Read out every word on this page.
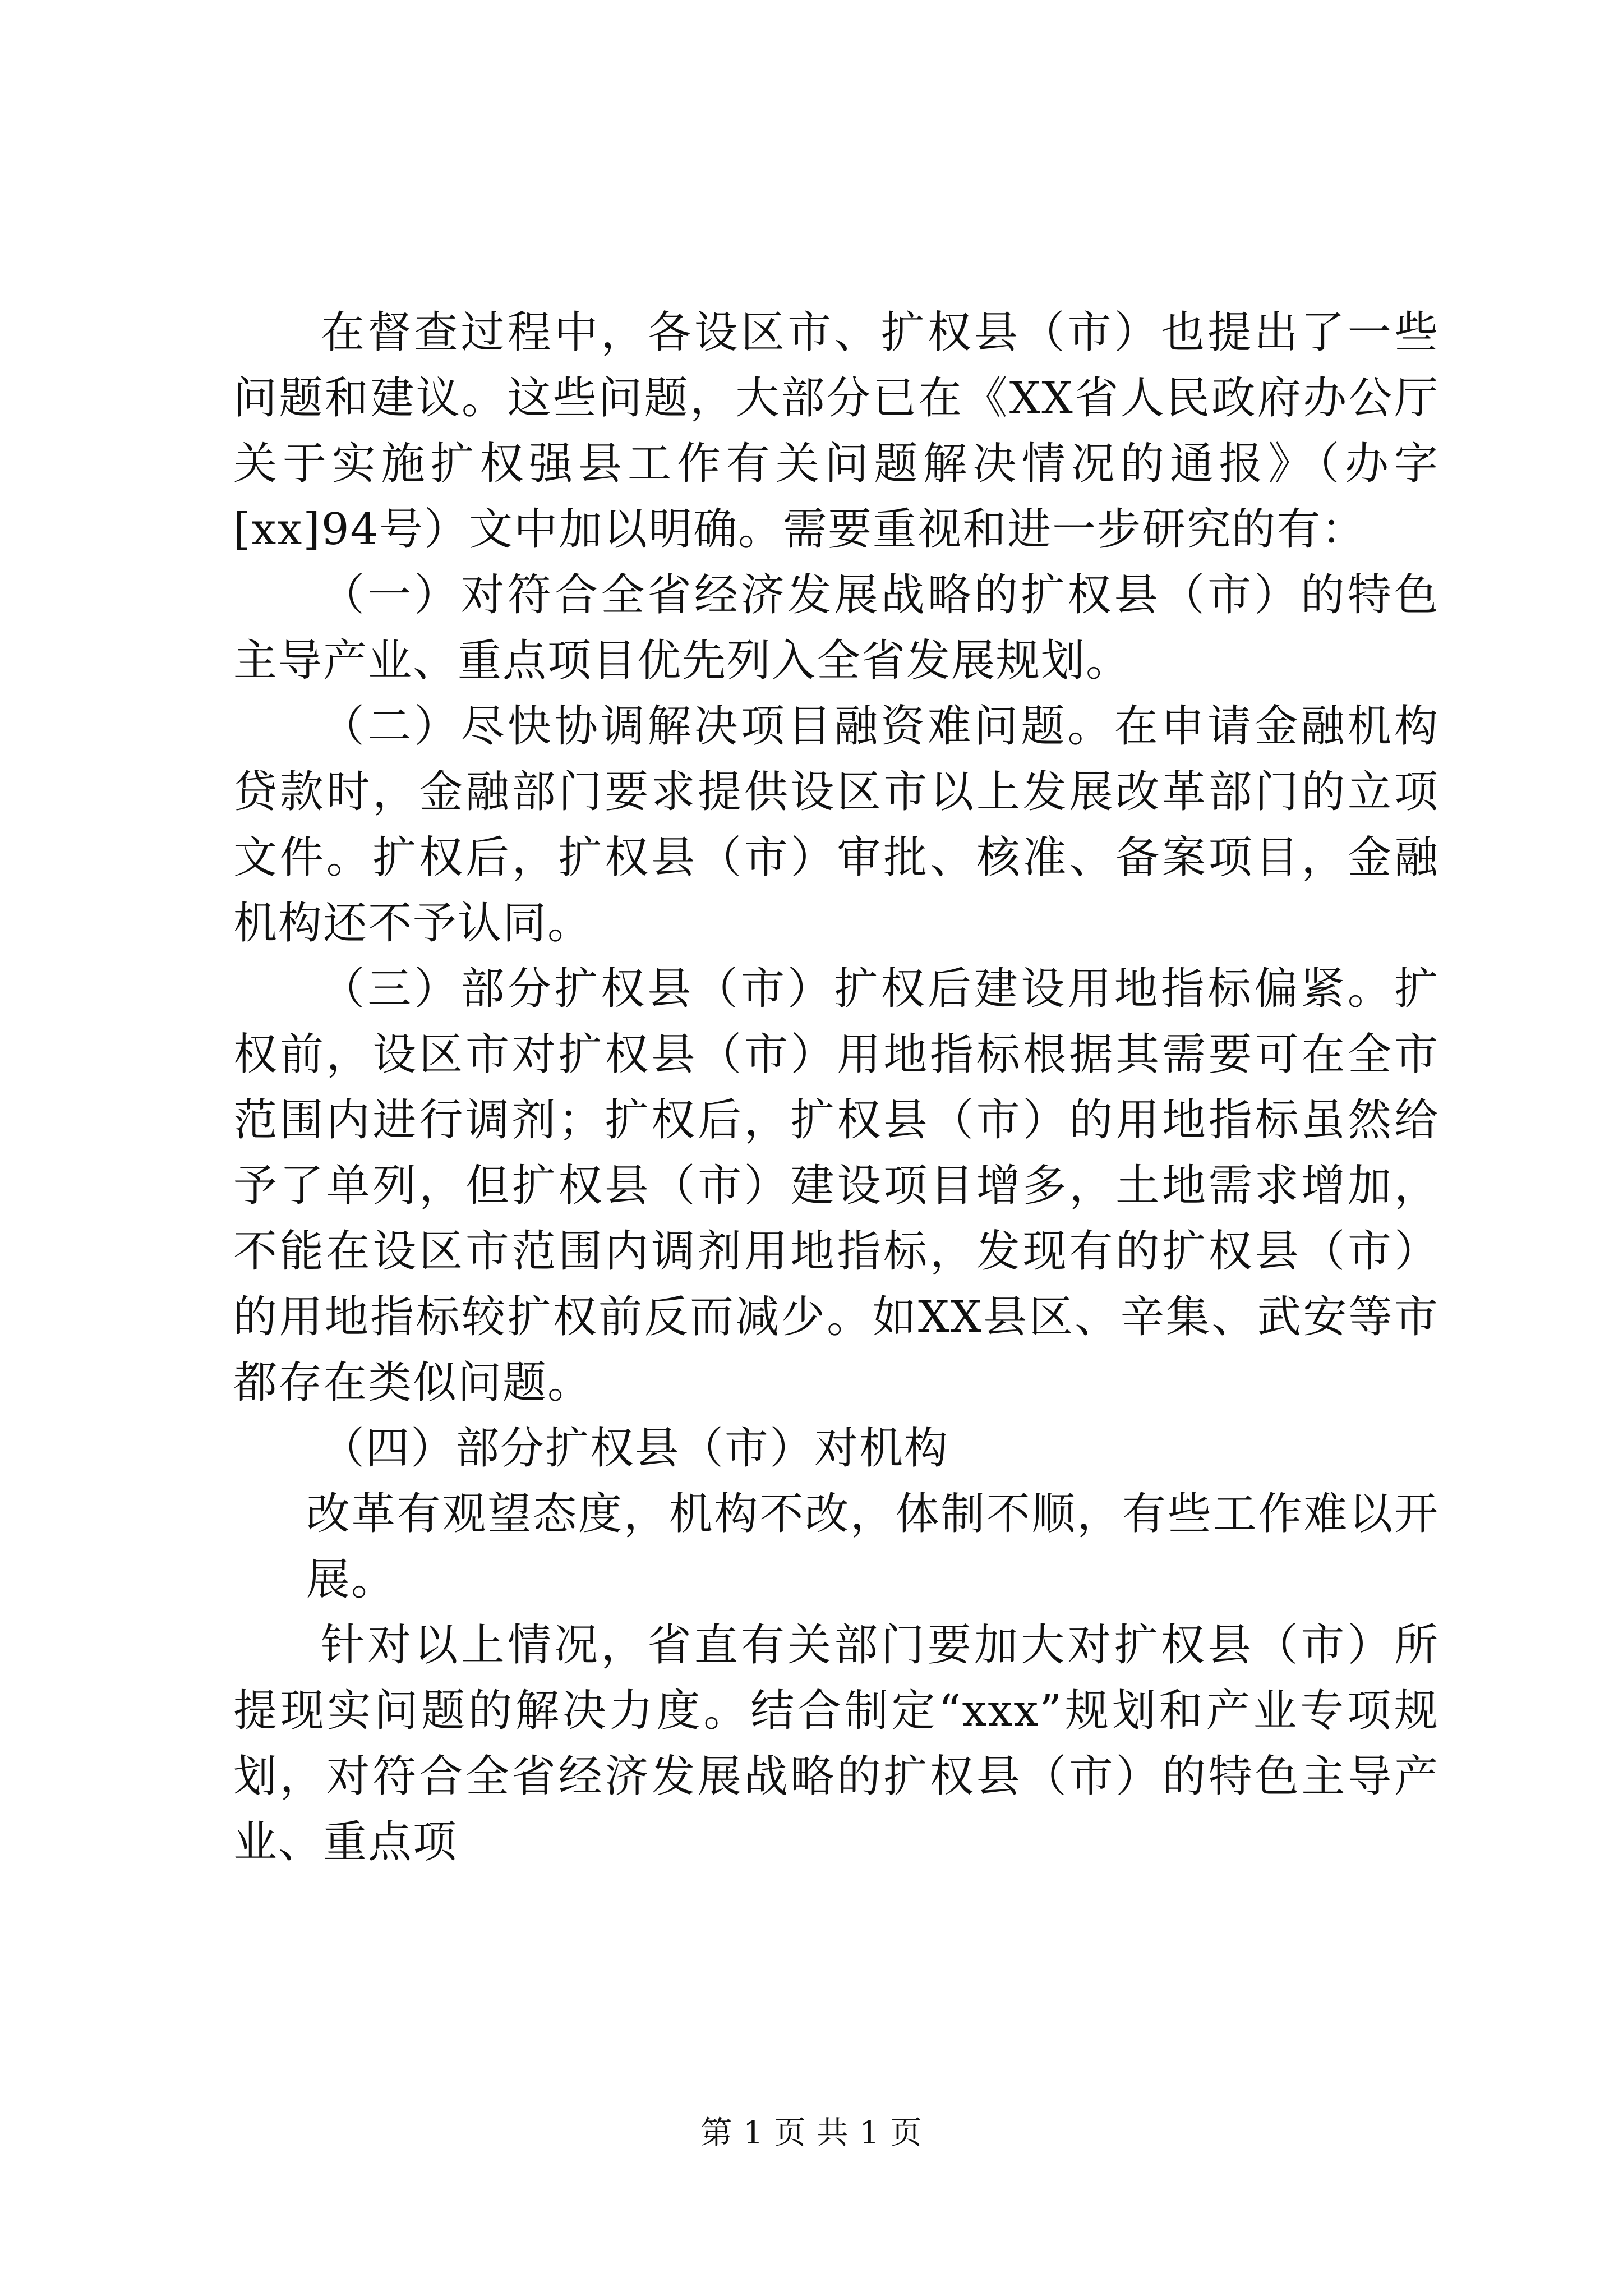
在督查过程中，各设区市、扩权县（市）也提出了一些问题和建议。这些问题，大部分已在《XX省人民政府办公厅关于实施扩权强县工作有关问题解决情况的通报》（办字[xx]94号）文中加以明确。需要重视和进一步研究的有：

（一）对符合全省经济发展战略的扩权县（市）的特色主导产业、重点项目优先列入全省发展规划。

（二）尽快协调解决项目融资难问题。在申请金融机构贷款时，金融部门要求提供设区市以上发展改革部门的立项文件。扩权后，扩权县（市）审批、核准、备案项目，金融机构还不予认同。

（三）部分扩权县（市）扩权后建设用地指标偏紧。扩权前，设区市对扩权县（市）用地指标根据其需要可在全市范围内进行调剂；扩权后，扩权县（市）的用地指标虽然给予了单列，但扩权县（市）建设项目增多，土地需求增加，不能在设区市范围内调剂用地指标，发现有的扩权县（市）的用地指标较扩权前反而减少。如XX县区、辛集、武安等市都存在类似问题。

（四）部分扩权县（市）对机构

改革有观望态度，机构不改，体制不顺，有些工作难以开展。

针对以上情况，省直有关部门要加大对扩权县（市）所提现实问题的解决力度。结合制定“xxx”规划和产业专项规划，对符合全省经济发展战略的扩权县（市）的特色主导产业、重点项

第 1 页 共 1 页
